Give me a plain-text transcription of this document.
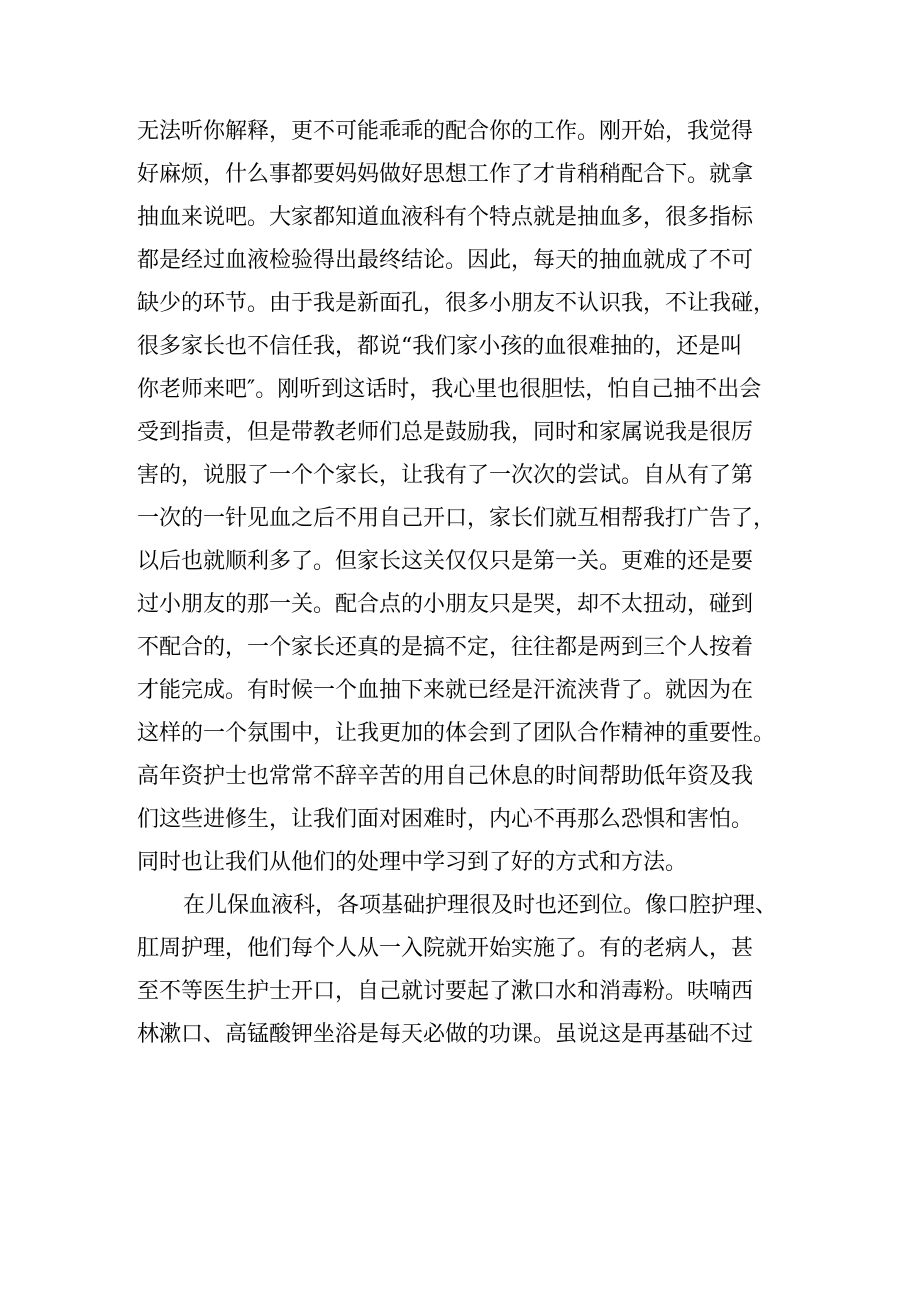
无法听你解释，更不可能乖乖的配合你的工作。刚开始，我觉得
好麻烦，什么事都要妈妈做好思想工作了才肯稍稍配合下。就拿
抽血来说吧。大家都知道血液科有个特点就是抽血多，很多指标
都是经过血液检验得出最终结论。因此，每天的抽血就成了不可
缺少的环节。由于我是新面孔，很多小朋友不认识我，不让我碰，
很多家长也不信任我，都说“我们家小孩的血很难抽的，还是叫
你老师来吧″。刚听到这话时，我心里也很胆怯，怕自己抽不出会
受到指责，但是带教老师们总是鼓励我，同时和家属说我是很厉
害的，说服了一个个家长，让我有了一次次的尝试。自从有了第
一次的一针见血之后不用自己开口，家长们就互相帮我打广告了，
以后也就顺利多了。但家长这关仅仅只是第一关。更难的还是要
过小朋友的那一关。配合点的小朋友只是哭，却不太扭动，碰到
不配合的，一个家长还真的是搞不定，往往都是两到三个人按着
才能完成。有时候一个血抽下来就已经是汗流浃背了。就因为在
这样的一个氛围中，让我更加的体会到了团队合作精神的重要性。
高年资护士也常常不辞辛苦的用自己休息的时间帮助低年资及我
们这些进修生，让我们面对困难时，内心不再那么恐惧和害怕。
同时也让我们从他们的处理中学习到了好的方式和方法。
在儿保血液科，各项基础护理很及时也还到位。像口腔护理、
肛周护理，他们每个人从一入院就开始实施了。有的老病人，甚
至不等医生护士开口，自己就讨要起了漱口水和消毒粉。呋喃西
林漱口、高锰酸钾坐浴是每天必做的功课。虽说这是再基础不过
